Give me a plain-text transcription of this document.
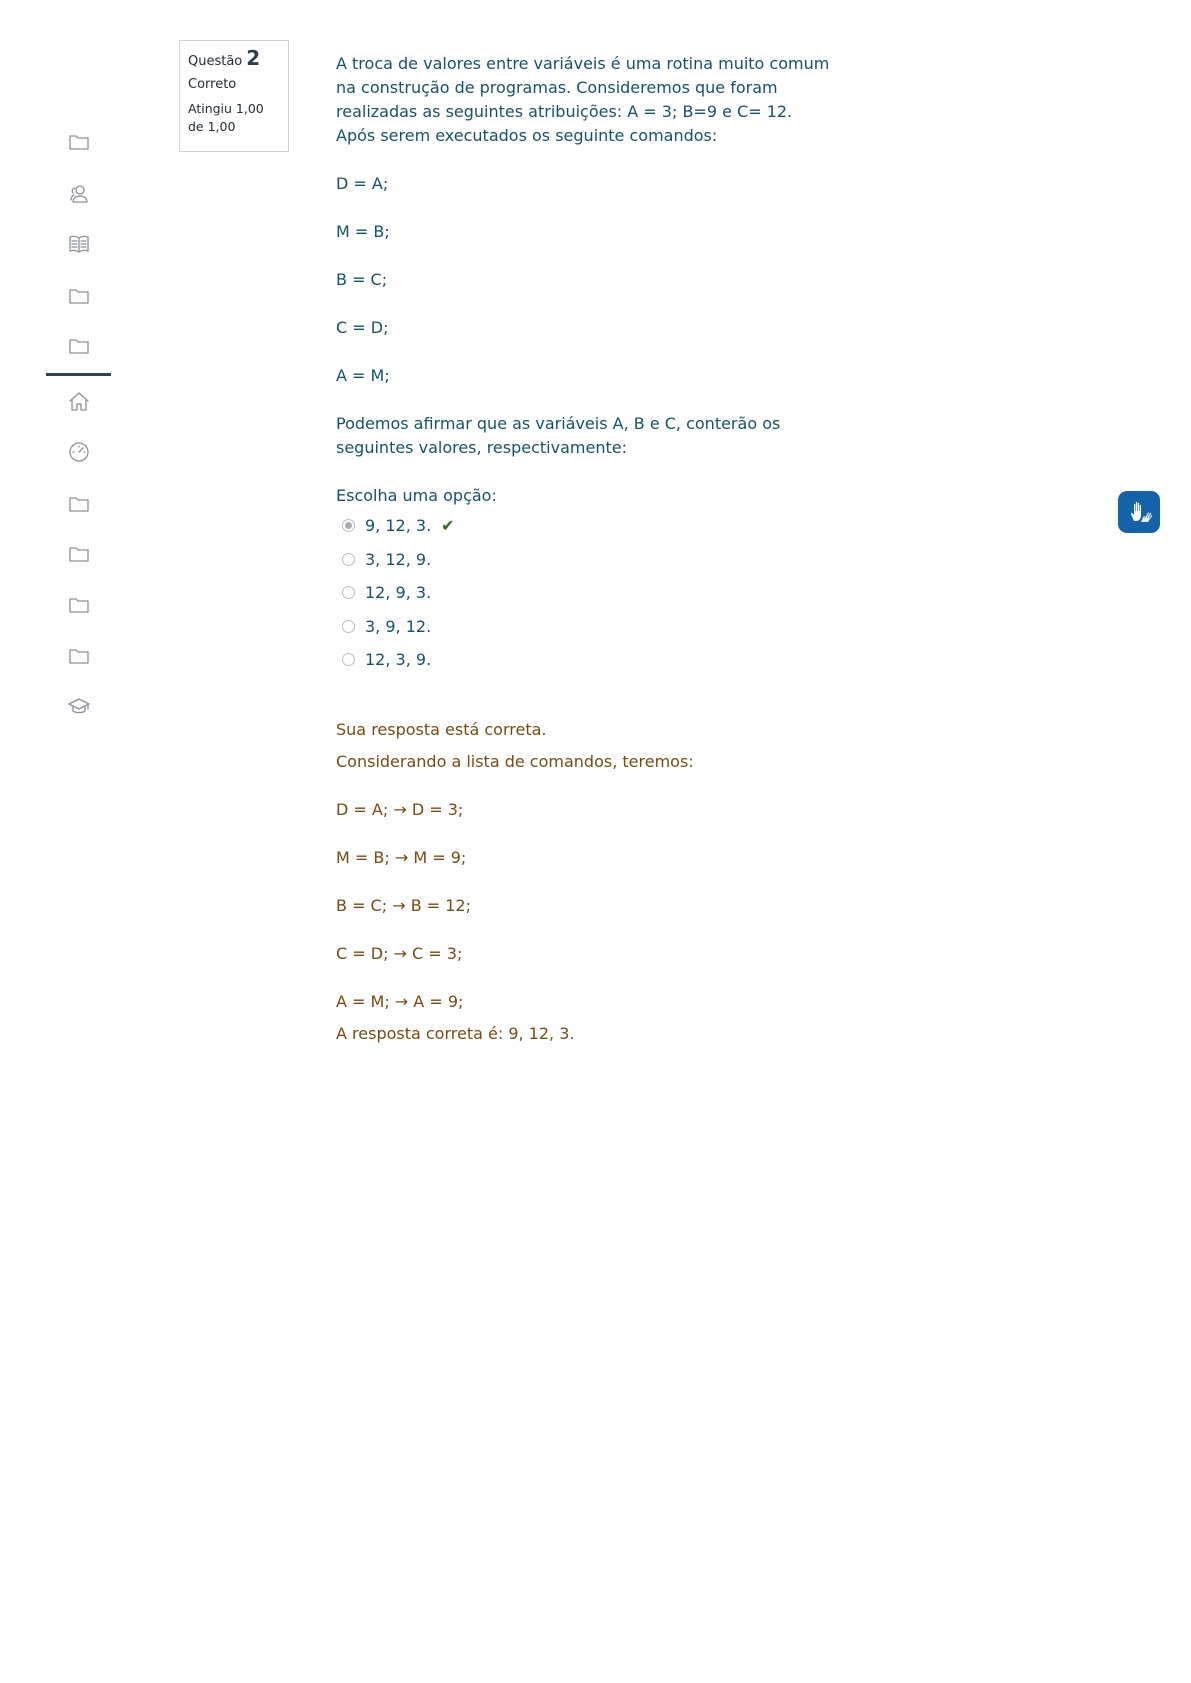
Questão 2
Correto
Atingiu 1,00 de 1,00

A troca de valores entre variáveis é uma rotina muito comum na construção de programas. Consideremos que foram realizadas as seguintes atribuições: A = 3; B=9 e C= 12. Após serem executados os seguinte comandos:

D = A;

M = B;

B = C;

C = D;

A = M;

Podemos afirmar que as variáveis A, B e C, conterão os seguintes valores, respectivamente:

Escolha uma opção:
9, 12, 3. ✔
3, 12, 9.
12, 9, 3.
3, 9, 12.
12, 3, 9.
Sua resposta está correta.
Considerando a lista de comandos, teremos:
D = A; → D = 3;
M = B; → M = 9;
B = C; → B = 12;
C = D; → C = 3;
A = M; → A = 9;
A resposta correta é: 9, 12, 3.
